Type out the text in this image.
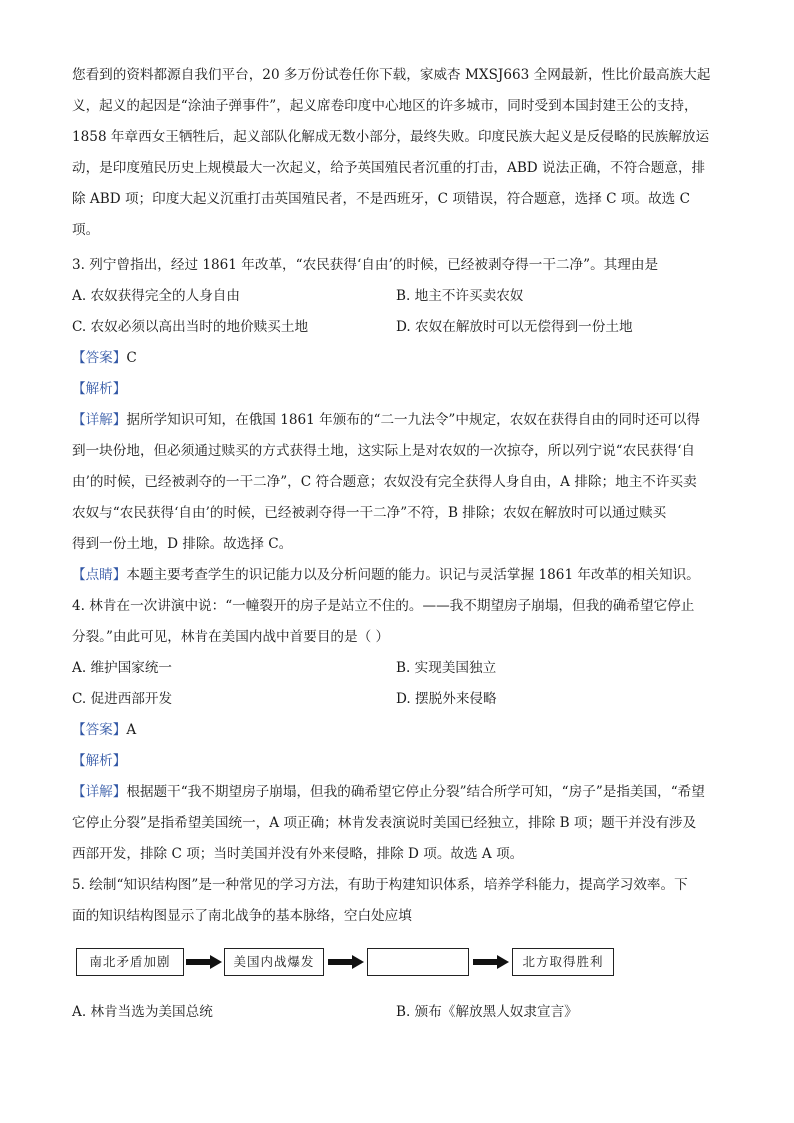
您看到的资料都源自我们平台，20 多万份试卷任你下载，家威杏 MXSJ663 全网最新，性比价最高族大起
义，起义的起因是“涂油子弹事件”，起义席卷印度中心地区的许多城市，同时受到本国封建王公的支持，
1858 年章西女王牺牲后，起义部队化解成无数小部分，最终失败。印度民族大起义是反侵略的民族解放运
动，是印度殖民历史上规模最大一次起义，给予英国殖民者沉重的打击，ABD 说法正确，不符合题意，排
除 ABD 项；印度大起义沉重打击英国殖民者，不是西班牙，C 项错误，符合题意，选择 C 项。故选 C
项。
3. 列宁曾指出，经过 1861 年改革，“农民获得‘自由’的时候，已经被剥夺得一干二净”。其理由是
A. 农奴获得完全的人身自由	B. 地主不许买卖农奴
C. 农奴必须以高出当时的地价赎买土地	D. 农奴在解放时可以无偿得到一份土地
【答案】C
【解析】
【详解】据所学知识可知，在俄国 1861 年颁布的“二一九法令”中规定，农奴在获得自由的同时还可以得
到一块份地，但必须通过赎买的方式获得土地，这实际上是对农奴的一次掠夺，所以列宁说“农民获得‘自
由’的时候，已经被剥夺的一干二净”，C 符合题意；农奴没有完全获得人身自由，A 排除；地主不许买卖
农奴与“农民获得‘自由’的时候，已经被剥夺得一干二净”不符，B 排除；农奴在解放时可以通过赎买
得到一份土地，D 排除。故选择 C。
【点睛】本题主要考查学生的识记能力以及分析问题的能力。识记与灵活掌握 1861 年改革的相关知识。
4. 林肯在一次讲演中说：“一幢裂开的房子是站立不住的。——我不期望房子崩塌，但我的确希望它停止
分裂。”由此可见，林肯在美国内战中首要目的是（ ）
A. 维护国家统一	B. 实现美国独立
C. 促进西部开发	D. 摆脱外来侵略
【答案】A
【解析】
【详解】根据题干“我不期望房子崩塌，但我的确希望它停止分裂”结合所学可知，“房子”是指美国，“希望
它停止分裂”是指希望美国统一，A 项正确；林肯发表演说时美国已经独立，排除 B 项；题干并没有涉及
西部开发，排除 C 项；当时美国并没有外来侵略，排除 D 项。故选 A 项。
5. 绘制“知识结构图”是一种常见的学习方法，有助于构建知识体系，培养学科能力，提高学习效率。下
面的知识结构图显示了南北战争的基本脉络，空白处应填
南北矛盾加剧	美国内战爆发	北方取得胜利
A. 林肯当选为美国总统	B. 颁布《解放黑人奴隶宣言》
